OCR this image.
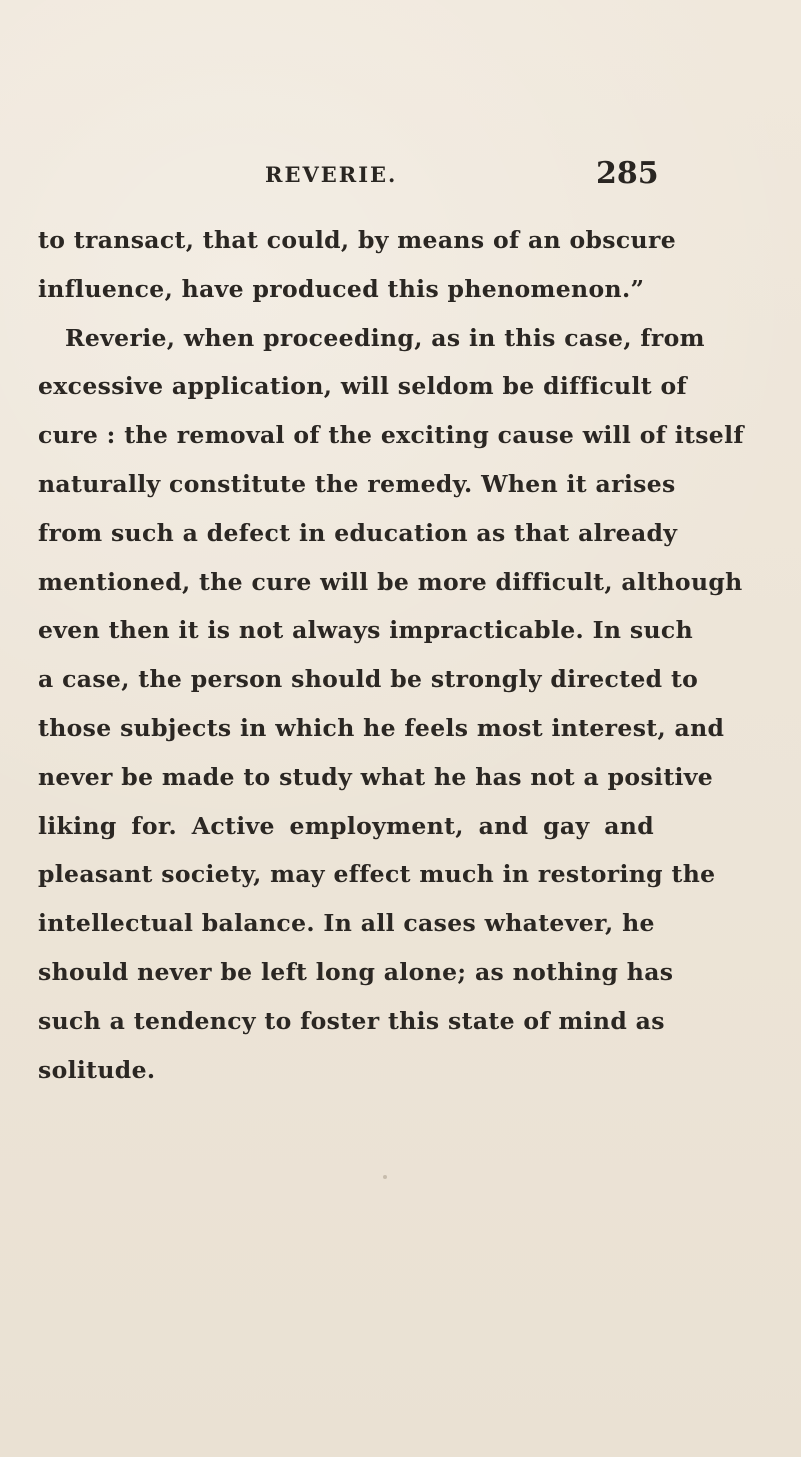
REVERIE.	285
to transact, that could, by means of an obscure
influence, have produced this phenomenon.”
Reverie, when proceeding, as in this case, from
excessive application, will seldom be difficult of
cure : the removal of the exciting cause will of itself
naturally constitute the remedy. When it arises
from such a defect in education as that already
mentioned, the cure will be more difficult, although
even then it is not always impracticable. In such
a case, the person should be strongly directed to
those subjects in which he feels most interest, and
never be made to study what he has not a positive
liking for. Active employment, and gay and
pleasant society, may effect much in restoring the
intellectual balance. In all cases whatever, he
should never be left long alone; as nothing has
such a tendency to foster this state of mind as
solitude.
